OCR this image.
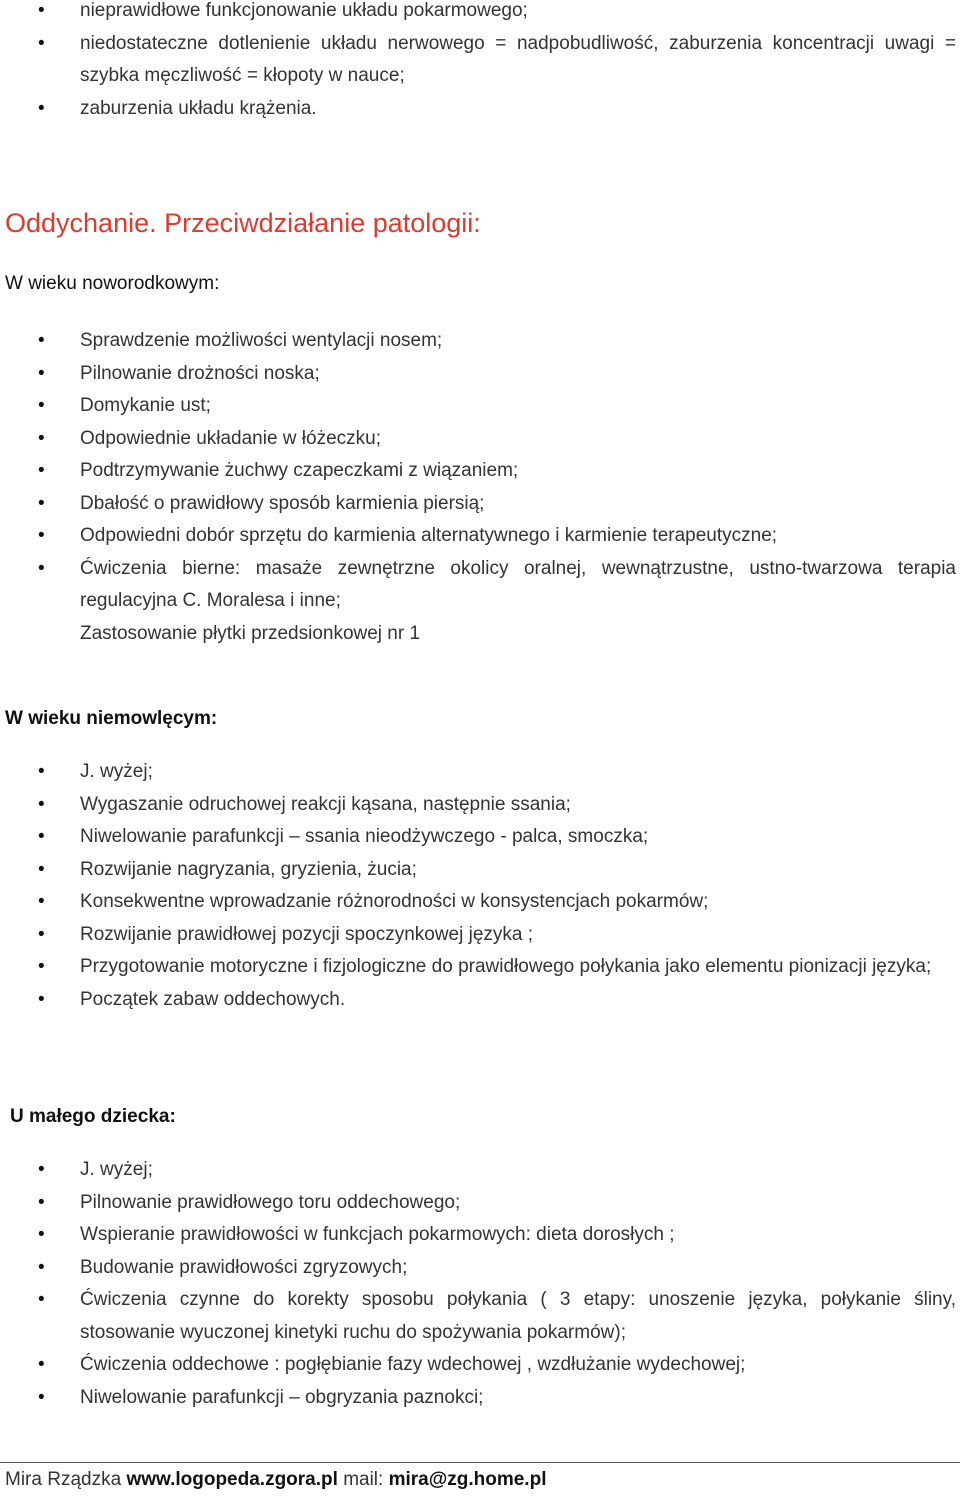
• nieprawidłowe funkcjonowanie układu pokarmowego;
• niedostateczne dotlenienie układu nerwowego = nadpobudliwość, zaburzenia koncentracji uwagi = szybka męczliwość = kłopoty w nauce;
• zaburzenia układu krążenia.
Oddychanie. Przeciwdziałanie patologii:
W wieku noworodkowym:
• Sprawdzenie możliwości wentylacji nosem;
• Pilnowanie drożności noska;
• Domykanie ust;
• Odpowiednie układanie w łóżeczku;
• Podtrzymywanie żuchwy czapeczkami z wiązaniem;
• Dbałość o prawidłowy sposób karmienia piersią;
• Odpowiedni dobór sprzętu do karmienia alternatywnego i karmienie terapeutyczne;
• Ćwiczenia bierne: masaże zewnętrzne okolicy oralnej, wewnątrzustne, ustno-twarzowa terapia regulacyjna C. Moralesa i inne;
Zastosowanie płytki przedsionkowej nr 1
W wieku niemowlęcym:
• J. wyżej;
• Wygaszanie odruchowej reakcji kąsana, następnie ssania;
• Niwelowanie parafunkcji – ssania nieodżywczego - palca, smoczka;
• Rozwijanie nagryzania, gryzienia, żucia;
• Konsekwentne wprowadzanie różnorodności w konsystencjach pokarmów;
• Rozwijanie prawidłowej pozycji spoczynkowej języka ;
• Przygotowanie motoryczne i fizjologiczne do prawidłowego połykania jako elementu pionizacji języka;
• Początek zabaw oddechowych.
U małego dziecka:
• J. wyżej;
• Pilnowanie prawidłowego toru oddechowego;
• Wspieranie prawidłowości w funkcjach pokarmowych: dieta dorosłych ;
• Budowanie prawidłowości zgryzowych;
• Ćwiczenia czynne do korekty sposobu połykania ( 3 etapy: unoszenie języka, połykanie śliny, stosowanie wyuczonej kinetyki ruchu do spożywania pokarmów);
• Ćwiczenia oddechowe : pogłębianie fazy wdechowej , wzdłużanie wydechowej;
• Niwelowanie parafunkcji – obgryzania paznokci;
Mira Rządzka www.logopeda.zgora.pl mail: mira@zg.home.pl
